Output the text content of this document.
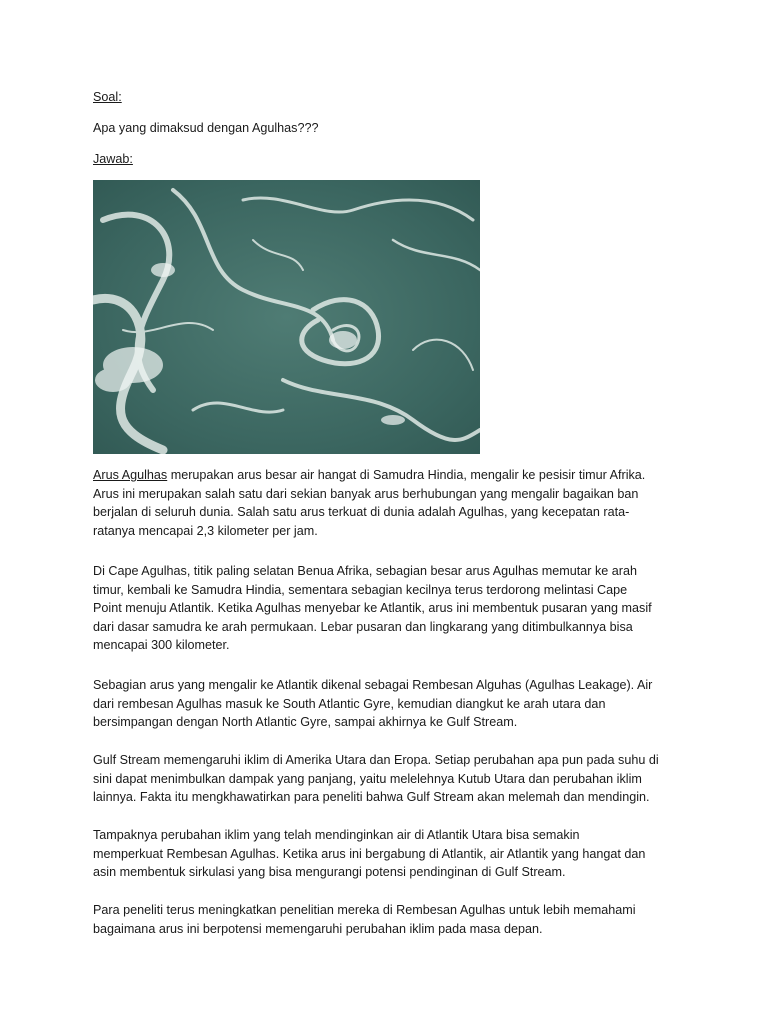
Soal:
Apa yang dimaksud dengan Agulhas???
Jawab:
Arus Agulhas merupakan arus besar air hangat di Samudra Hindia, mengalir ke pesisir timur Afrika.
Arus ini merupakan salah satu dari sekian banyak arus berhubungan yang mengalir bagaikan ban
berjalan di seluruh dunia. Salah satu arus terkuat di dunia adalah Agulhas, yang kecepatan rata-
ratanya mencapai 2,3 kilometer per jam.
Di Cape Agulhas, titik paling selatan Benua Afrika, sebagian besar arus Agulhas memutar ke arah
timur, kembali ke Samudra Hindia, sementara sebagian kecilnya terus terdorong melintasi Cape
Point menuju Atlantik. Ketika Agulhas menyebar ke Atlantik, arus ini membentuk pusaran yang masif
dari dasar samudra ke arah permukaan. Lebar pusaran dan lingkarang yang ditimbulkannya bisa
mencapai 300 kilometer.
Sebagian arus yang mengalir ke Atlantik dikenal sebagai Rembesan Alguhas (Agulhas Leakage). Air
dari rembesan Agulhas masuk ke South Atlantic Gyre, kemudian diangkut ke arah utara dan
bersimpangan dengan North Atlantic Gyre, sampai akhirnya ke Gulf Stream.
Gulf Stream memengaruhi iklim di Amerika Utara dan Eropa. Setiap perubahan apa pun pada suhu di
sini dapat menimbulkan dampak yang panjang, yaitu melelehnya Kutub Utara dan perubahan iklim
lainnya. Fakta itu mengkhawatirkan para peneliti bahwa Gulf Stream akan melemah dan mendingin.
Tampaknya perubahan iklim yang telah mendinginkan air di Atlantik Utara bisa semakin
memperkuat Rembesan Agulhas. Ketika arus ini bergabung di Atlantik, air Atlantik yang hangat dan
asin membentuk sirkulasi yang bisa mengurangi potensi pendinginan di Gulf Stream.
Para peneliti terus meningkatkan penelitian mereka di Rembesan Agulhas untuk lebih memahami
bagaimana arus ini berpotensi memengaruhi perubahan iklim pada masa depan.
